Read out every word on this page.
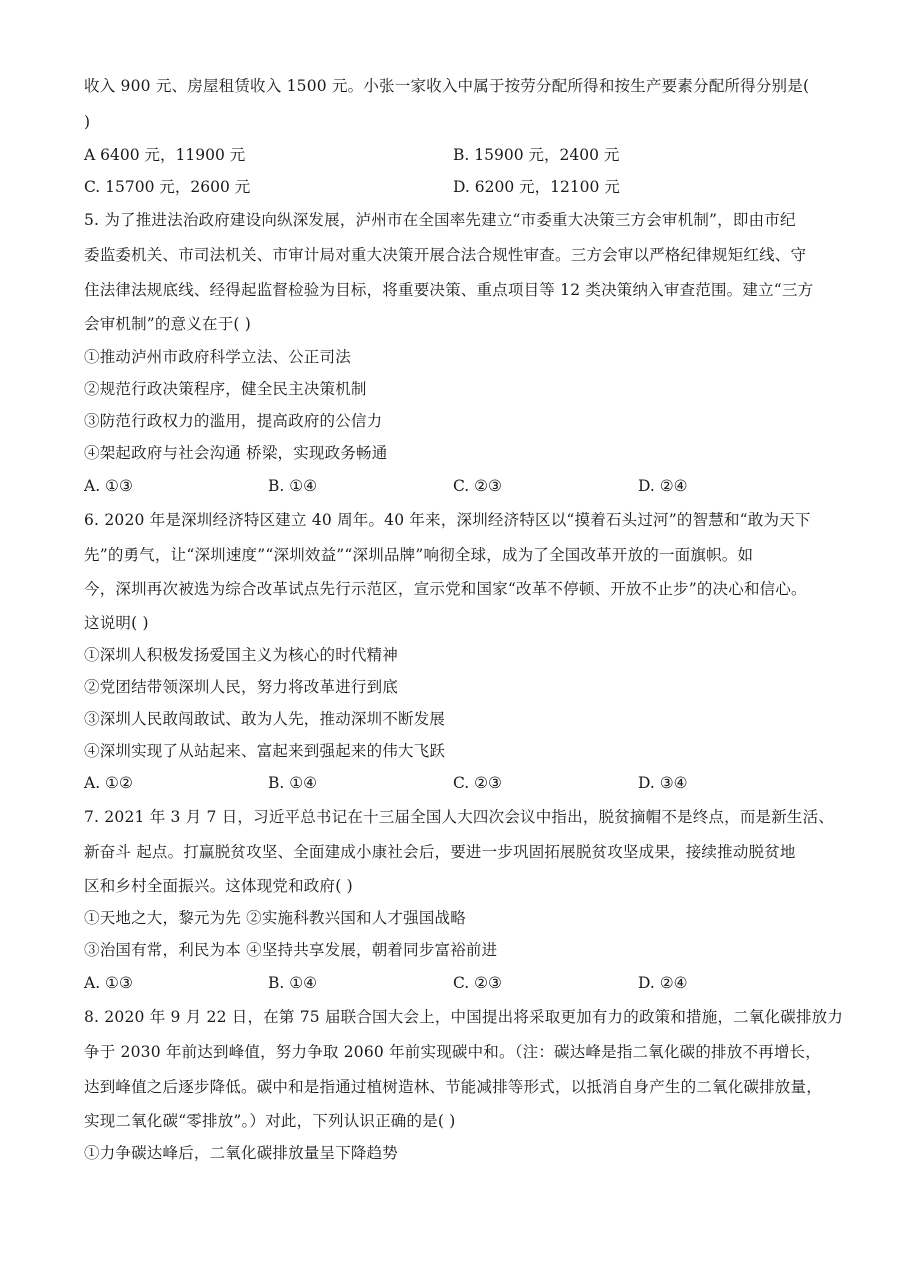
收入 900 元、房屋租赁收入 1500 元。小张一家收入中属于按劳分配所得和按生产要素分配所得分别是(
)
A 6400 元，11900 元	B. 15900 元，2400 元
C. 15700 元，2600 元	D. 6200 元，12100 元
5. 为了推进法治政府建设向纵深发展，泸州市在全国率先建立“市委重大决策三方会审机制”，即由市纪
委监委机关、市司法机关、市审计局对重大决策开展合法合规性审查。三方会审以严格纪律规矩红线、守
住法律法规底线、经得起监督检验为目标，将重要决策、重点项目等 12 类决策纳入审查范围。建立“三方
会审机制”的意义在于( )
①推动泸州市政府科学立法、公正司法
②规范行政决策程序，健全民主决策机制
③防范行政权力的滥用，提高政府的公信力
④架起政府与社会沟通 桥梁，实现政务畅通
A. ①③	B. ①④	C. ②③	D. ②④
6. 2020 年是深圳经济特区建立 40 周年。40 年来，深圳经济特区以“摸着石头过河”的智慧和“敢为天下
先”的勇气，让“深圳速度”“深圳效益”“深圳品牌”响彻全球，成为了全国改革开放的一面旗帜。如
今，深圳再次被选为综合改革试点先行示范区，宣示党和国家“改革不停顿、开放不止步”的决心和信心。
这说明( )
①深圳人积极发扬爱国主义为核心的时代精神
②党团结带领深圳人民，努力将改革进行到底
③深圳人民敢闯敢试、敢为人先，推动深圳不断发展
④深圳实现了从站起来、富起来到强起来的伟大飞跃
A. ①②	B. ①④	C. ②③	D. ③④
7. 2021 年 3 月 7 日，习近平总书记在十三届全国人大四次会议中指出，脱贫摘帽不是终点，而是新生活、
新奋斗 起点。打赢脱贫攻坚、全面建成小康社会后，要进一步巩固拓展脱贫攻坚成果，接续推动脱贫地
区和乡村全面振兴。这体现党和政府( )
①天地之大，黎元为先 ②实施科教兴国和人才强国战略
③治国有常，利民为本 ④坚持共享发展，朝着同步富裕前进
A. ①③	B. ①④	C. ②③	D. ②④
8. 2020 年 9 月 22 日，在第 75 届联合国大会上，中国提出将采取更加有力的政策和措施，二氧化碳排放力
争于 2030 年前达到峰值，努力争取 2060 年前实现碳中和。（注：碳达峰是指二氧化碳的排放不再增长，
达到峰值之后逐步降低。碳中和是指通过植树造林、节能减排等形式，以抵消自身产生的二氧化碳排放量，
实现二氧化碳“零排放”。）对此，下列认识正确的是( )
①力争碳达峰后，二氧化碳排放量呈下降趋势
